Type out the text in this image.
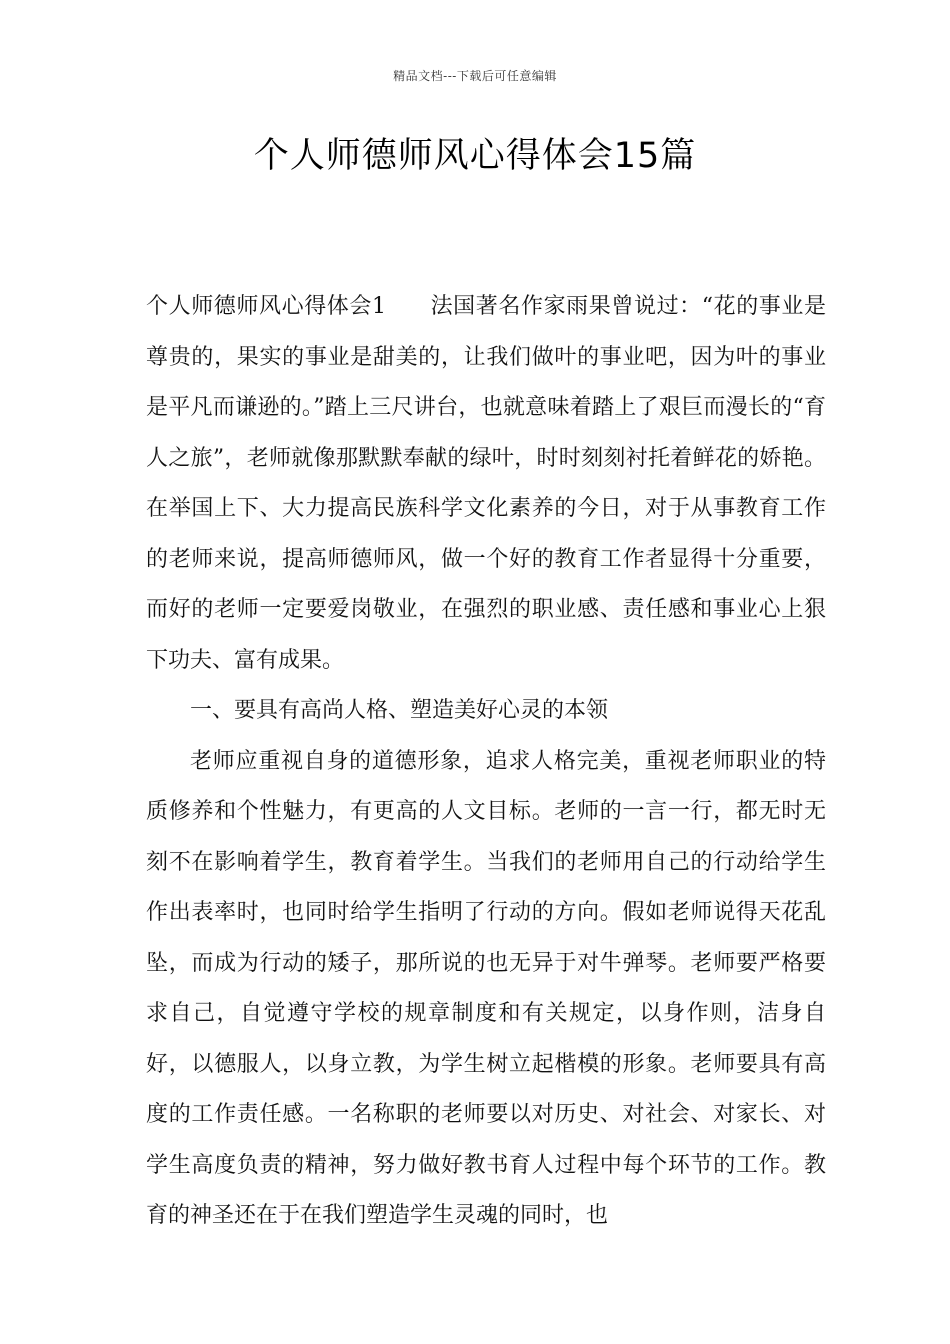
精品文档---下载后可任意编辑
个人师德师风心得体会15篇

个人师德师风心得体会1 法国著名作家雨果曾说过：“花的事业是尊贵的，果实的事业是甜美的，让我们做叶的事业吧，因为叶的事业是平凡而谦逊的。”踏上三尺讲台，也就意味着踏上了艰巨而漫长的“育人之旅”，老师就像那默默奉献的绿叶，时时刻刻衬托着鲜花的娇艳。在举国上下、大力提高民族科学文化素养的今日，对于从事教育工作的老师来说，提高师德师风，做一个好的教育工作者显得十分重要，而好的老师一定要爱岗敬业，在强烈的职业感、责任感和事业心上狠下功夫、富有成果。

一、要具有高尚人格、塑造美好心灵的本领

老师应重视自身的道德形象，追求人格完美，重视老师职业的特质修养和个性魅力，有更高的人文目标。老师的一言一行，都无时无刻不在影响着学生，教育着学生。当我们的老师用自己的行动给学生作出表率时，也同时给学生指明了行动的方向。假如老师说得天花乱坠，而成为行动的矮子，那所说的也无异于对牛弹琴。老师要严格要求自己，自觉遵守学校的规章制度和有关规定，以身作则，洁身自好，以德服人，以身立教，为学生树立起楷模的形象。老师要具有高度的工作责任感。一名称职的老师要以对历史、对社会、对家长、对学生高度负责的精神，努力做好教书育人过程中每个环节的工作。教育的神圣还在于在我们塑造学生灵魂的同时，也
